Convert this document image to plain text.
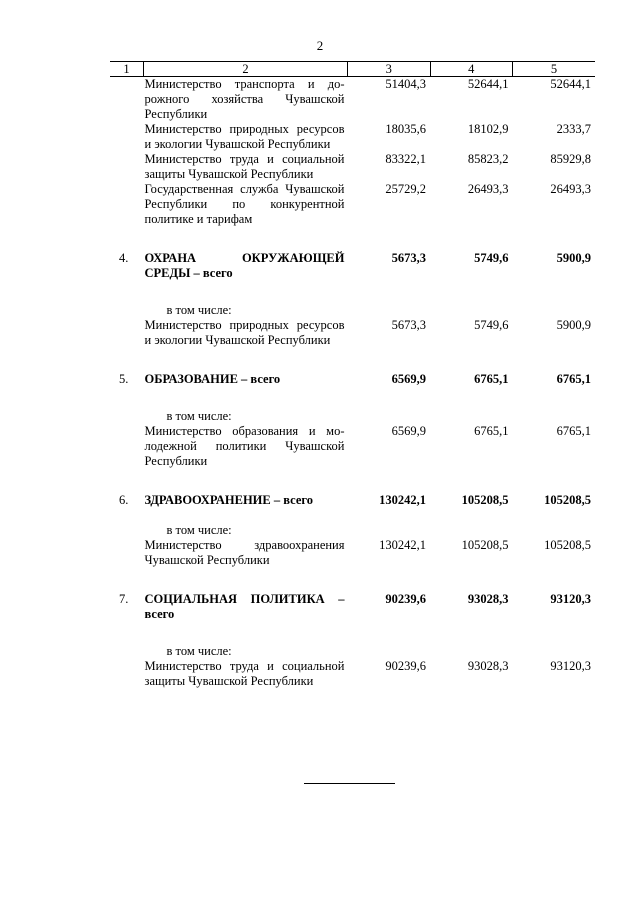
2
1	2	3	4	5
	Министерство транспорта и дорожного хозяйства Чувашской Республики	51404,3	52644,1	52644,1
	Министерство природных ресурсов и экологии Чувашской Республики	18035,6	18102,9	2333,7
	Министерство труда и социальной защиты Чувашской Республики	83322,1	85823,2	85929,8
	Государственная служба Чувашской Республики по конкурентной политике и тарифам	25729,2	26493,3	26493,3

4.	ОХРАНА ОКРУЖАЮЩЕЙ СРЕДЫ – всего	5673,3	5749,6	5900,9

	в том числе:			

	Министерство природных ресурсов и экологии Чувашской Республики	5673,3	5749,6	5900,9

5.	ОБРАЗОВАНИЕ – всего	6569,9	6765,1	6765,1

	в том числе:			

	Министерство образования и молодежной политики Чувашской Республики	6569,9	6765,1	6765,1

6.	ЗДРАВООХРАНЕНИЕ – всего	130242,1	105208,5	105208,5

	в том числе:			

	Министерство здравоохранения Чувашской Республики	130242,1	105208,5	105208,5

7.	СОЦИАЛЬНАЯ ПОЛИТИКА – всего	90239,6	93028,3	93120,3

	в том числе:			

	Министерство труда и социальной защиты Чувашской Республики	90239,6	93028,3	93120,3
